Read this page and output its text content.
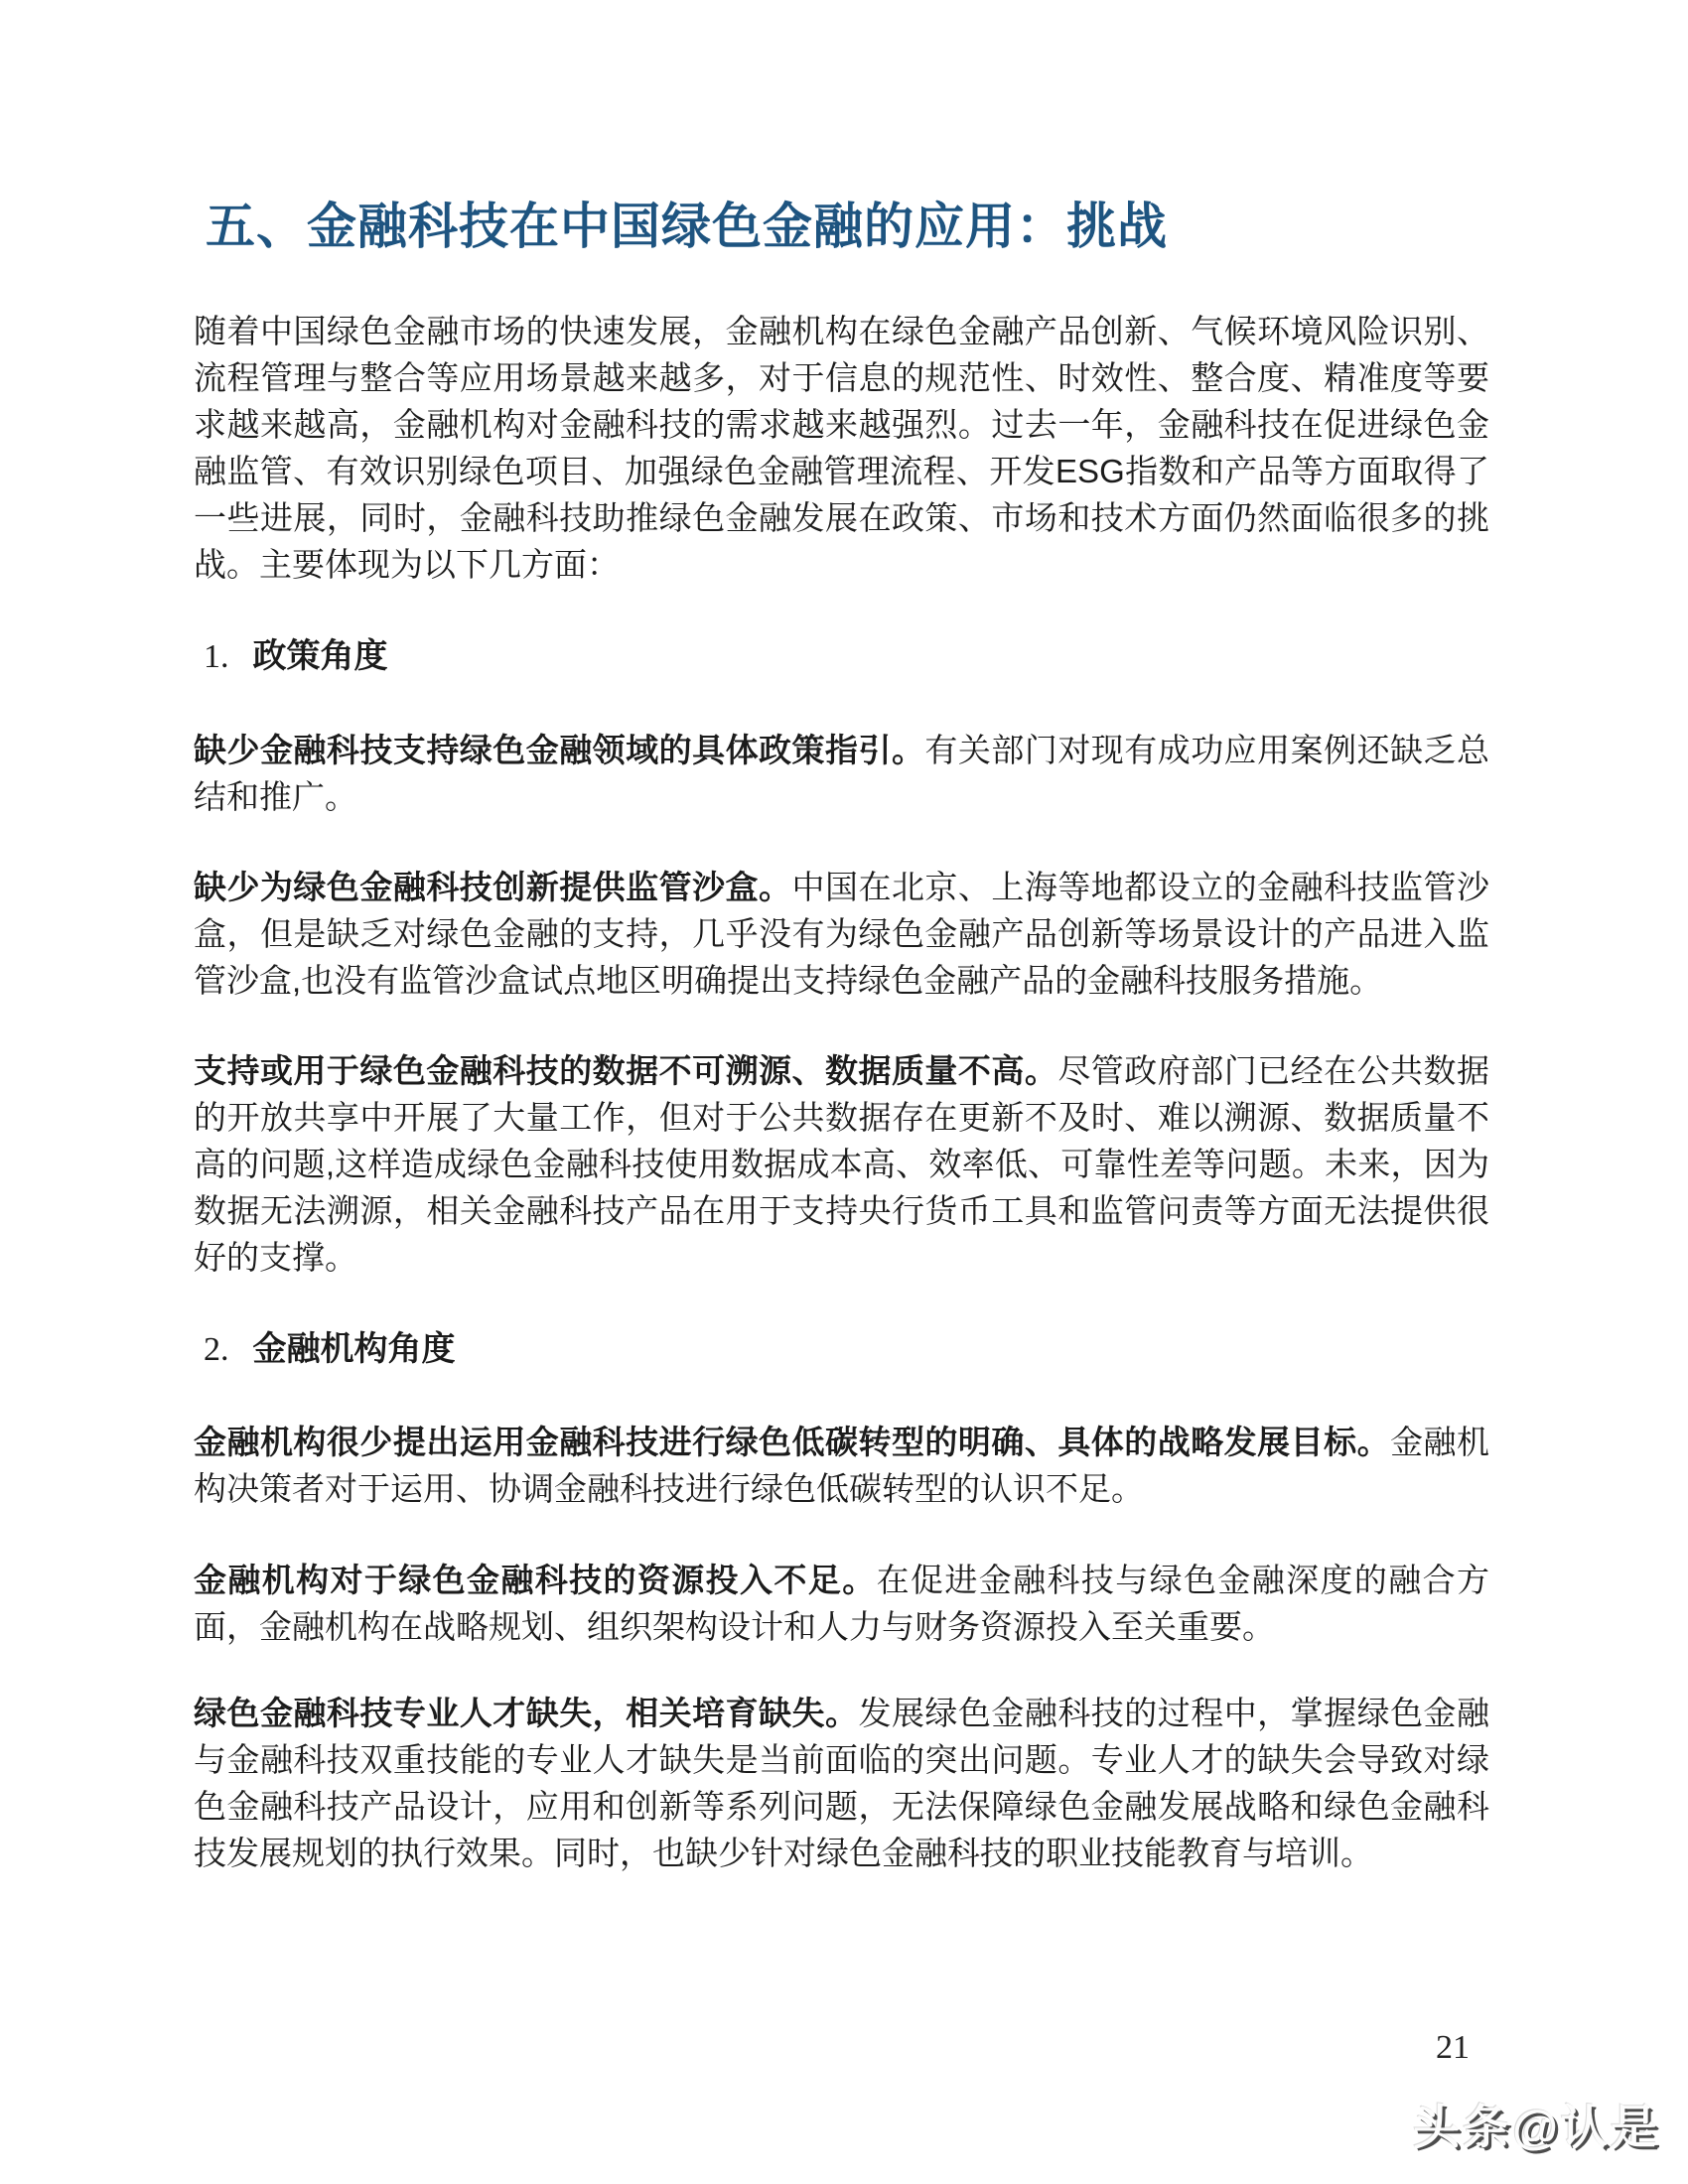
五、金融科技在中国绿色金融的应用：挑战

随着中国绿色金融市场的快速发展，金融机构在绿色金融产品创新、气候环境风险识别、流程管理与整合等应用场景越来越多，对于信息的规范性、时效性、整合度、精准度等要求越来越高，金融机构对金融科技的需求越来越强烈。过去一年，金融科技在促进绿色金融监管、有效识别绿色项目、加强绿色金融管理流程、开发ESG指数和产品等方面取得了一些进展，同时，金融科技助推绿色金融发展在政策、市场和技术方面仍然面临很多的挑战。主要体现为以下几方面：

1. 政策角度

缺少金融科技支持绿色金融领域的具体政策指引。有关部门对现有成功应用案例还缺乏总结和推广。

缺少为绿色金融科技创新提供监管沙盒。中国在北京、上海等地都设立的金融科技监管沙盒，但是缺乏对绿色金融的支持，几乎没有为绿色金融产品创新等场景设计的产品进入监管沙盒,也没有监管沙盒试点地区明确提出支持绿色金融产品的金融科技服务措施。

支持或用于绿色金融科技的数据不可溯源、数据质量不高。尽管政府部门已经在公共数据的开放共享中开展了大量工作，但对于公共数据存在更新不及时、难以溯源、数据质量不高的问题,这样造成绿色金融科技使用数据成本高、效率低、可靠性差等问题。未来，因为数据无法溯源，相关金融科技产品在用于支持央行货币工具和监管问责等方面无法提供很好的支撑。

2. 金融机构角度

金融机构很少提出运用金融科技进行绿色低碳转型的明确、具体的战略发展目标。金融机构决策者对于运用、协调金融科技进行绿色低碳转型的认识不足。

金融机构对于绿色金融科技的资源投入不足。在促进金融科技与绿色金融深度的融合方面，金融机构在战略规划、组织架构设计和人力与财务资源投入至关重要。

绿色金融科技专业人才缺失，相关培育缺失。发展绿色金融科技的过程中，掌握绿色金融与金融科技双重技能的专业人才缺失是当前面临的突出问题。专业人才的缺失会导致对绿色金融科技产品设计，应用和创新等系列问题，无法保障绿色金融发展战略和绿色金融科技发展规划的执行效果。同时，也缺少针对绿色金融科技的职业技能教育与培训。

21
头条@认是
